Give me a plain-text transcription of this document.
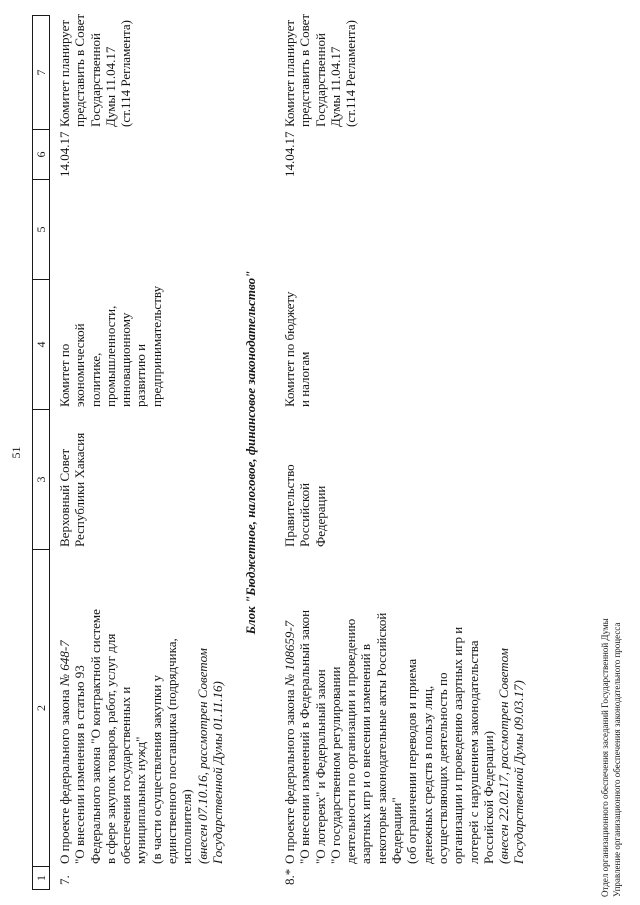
51
1
2
3
4
5
6
7
7.
О проекте федерального закона № 648-7
"О внесении изменения в статью 93 Федерального закона "О контрактной системе в сфере закупок товаров, работ, услуг для обеспечения государственных и муниципальных нужд" (в части осуществления закупки у единственного поставщика (подрядчика, исполнителя) (внесен 07.10.16, рассмотрен Советом Государственной Думы 01.11.16)
Верховный Совет Республики Хакасия
Комитет по экономической политике, промышленности, инновационному развитию и предпринимательству
14.04.17
Комитет планирует представить в Совет Государственной Думы 11.04.17 (ст.114 Регламента)
Блок "Бюджетное, налоговое, финансовое законодательство"
8.*
О проекте федерального закона № 108659-7 "О внесении изменений в Федеральный закон "О лотереях" и Федеральный закон "О государственном регулировании деятельности по организации и проведению азартных игр и о внесении изменений в некоторые законодательные акты Российской Федерации" (об ограничении переводов и приема денежных средств в пользу лиц, осуществляющих деятельность по организации и проведению азартных игр и лотерей с нарушением законодательства Российской Федерации) (внесен 22.02.17, рассмотрен Советом Государственной Думы 09.03.17)
Правительство Российской Федерации
Комитет по бюджету и налогам
14.04.17
Комитет планирует представить в Совет Государственной Думы 11.04.17 (ст.114 Регламента)
Отдел организационного обеспечения заседаний Государственной Думы Управление организационного обеспечения законодательного процесса
